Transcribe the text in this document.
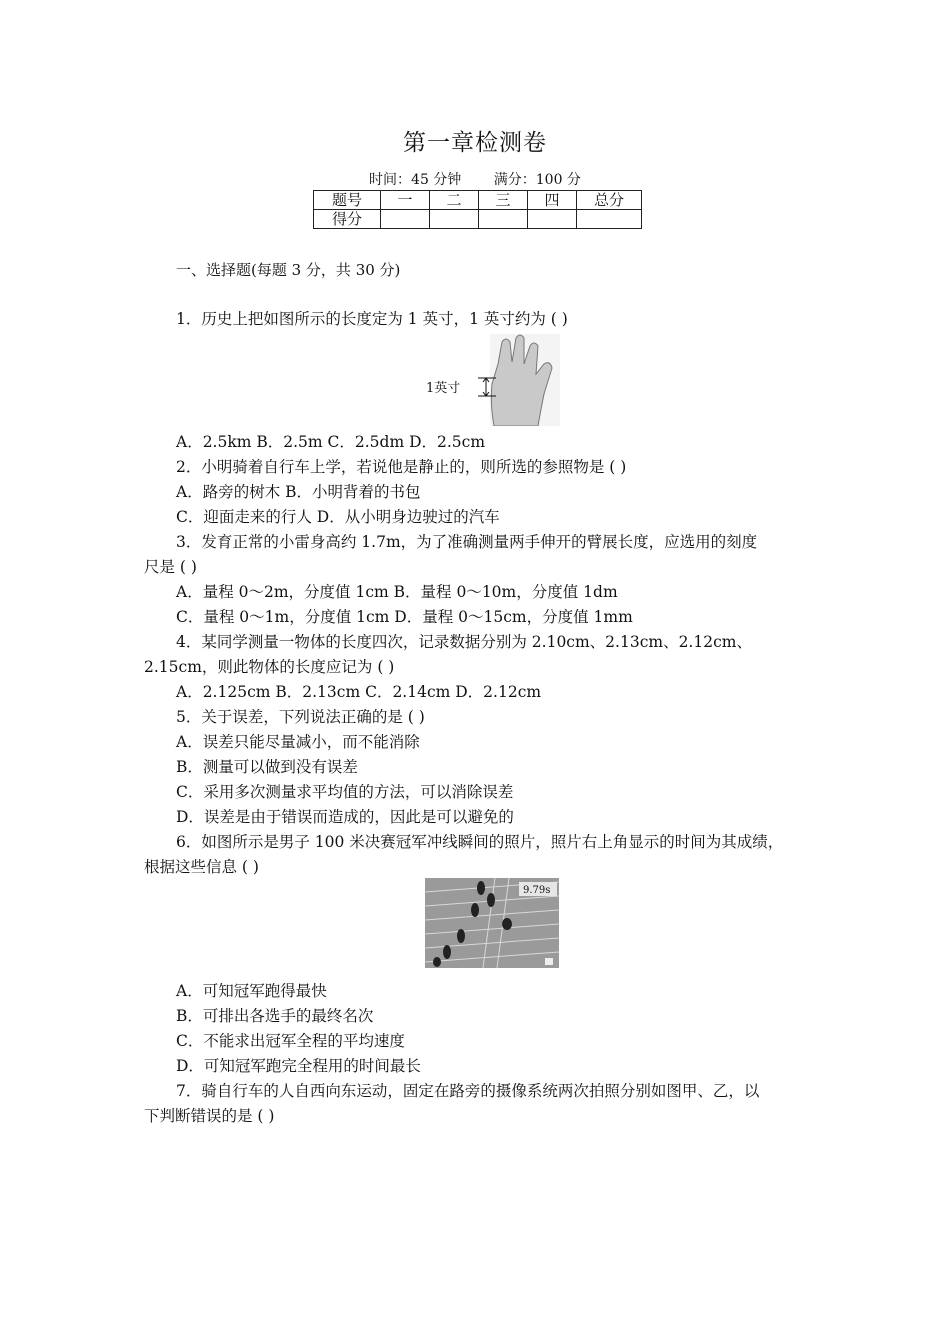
第一章检测卷
时间：45 分钟 满分：100 分
题号	一	二	三	四	总分
得分					
一、选择题(每题 3 分，共 30 分)
1．历史上把如图所示的长度定为 1 英寸，1 英寸约为 ( )
1英寸
A．2.5km B．2.5m C．2.5dm D．2.5cm
2．小明骑着自行车上学，若说他是静止的，则所选的参照物是 ( )
A．路旁的树木 B．小明背着的书包
C．迎面走来的行人 D．从小明身边驶过的汽车
3．发育正常的小雷身高约 1.7m，为了准确测量两手伸开的臂展长度，应选用的刻度
尺是 ( )
A．量程 0～2m，分度值 1cm B．量程 0～10m，分度值 1dm
C．量程 0～1m，分度值 1cm D．量程 0～15cm，分度值 1mm
4．某同学测量一物体的长度四次，记录数据分别为 2.10cm、2.13cm、2.12cm、
2.15cm，则此物体的长度应记为 ( )
A．2.125cm B．2.13cm C．2.14cm D．2.12cm
5．关于误差，下列说法正确的是 ( )
A．误差只能尽量减小，而不能消除
B．测量可以做到没有误差
C．采用多次测量求平均值的方法，可以消除误差
D．误差是由于错误而造成的，因此是可以避免的
6．如图所示是男子 100 米决赛冠军冲线瞬间的照片，照片右上角显示的时间为其成绩，
根据这些信息 ( )
9.79s
A．可知冠军跑得最快
B．可排出各选手的最终名次
C．不能求出冠军全程的平均速度
D．可知冠军跑完全程用的时间最长
7．骑自行车的人自西向东运动，固定在路旁的摄像系统两次拍照分别如图甲、乙，以
下判断错误的是 ( )
